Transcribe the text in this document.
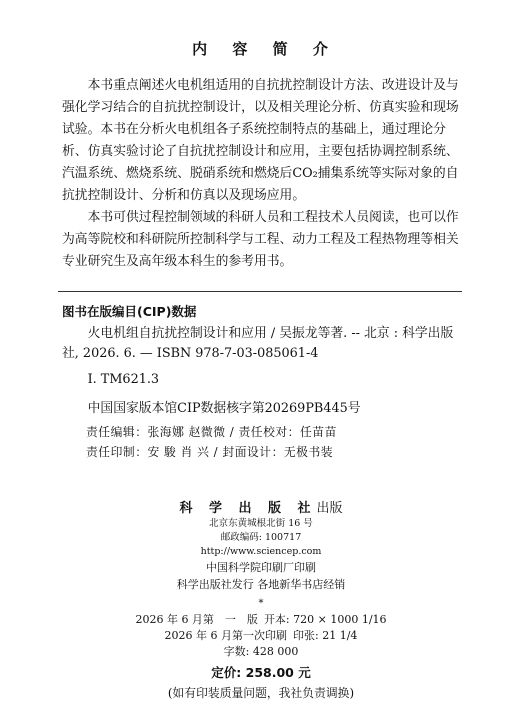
内 容 简 介

本书重点阐述火电机组适用的自抗扰控制设计方法、改进设计及与强化学习结合的自抗扰控制设计，以及相关理论分析、仿真实验和现场试验。本书在分析火电机组各子系统控制特点的基础上，通过理论分析、仿真实验讨论了自抗扰控制设计和应用，主要包括协调控制系统、汽温系统、燃烧系统、脱硝系统和燃烧后CO₂捕集系统等实际对象的自抗扰控制设计、分析和仿真以及现场应用。

本书可供过程控制领域的科研人员和工程技术人员阅读，也可以作为高等院校和科研院所控制科学与工程、动力工程及工程热物理等相关专业研究生及高年级本科生的参考用书。

图书在版编目(CIP)数据
火电机组自抗扰控制设计和应用 / 吴振龙等著. -- 北京 : 科学出版社, 2026. 6. — ISBN 978-7-03-085061-4
Ⅰ. TM621.3
中国国家版本馆CIP数据核字第20269PB445号
责任编辑：张海娜 赵微微 / 责任校对：任苗苗
责任印制：安 駿 肖 兴 / 封面设计：无极书装
科 学 出 版 社出版
北京东黄城根北街 16 号
邮政编码: 100717
http://www.sciencep.com
中国科学院印刷厂印刷
科学出版社发行 各地新华书店经销
*
2026 年 6 月第　一　版 开本: 720 × 1000 1/16
2026 年 6 月第一次印刷 印张: 21 1/4
字数: 428 000
定价: 258.00 元
(如有印装质量问题，我社负责调换)
